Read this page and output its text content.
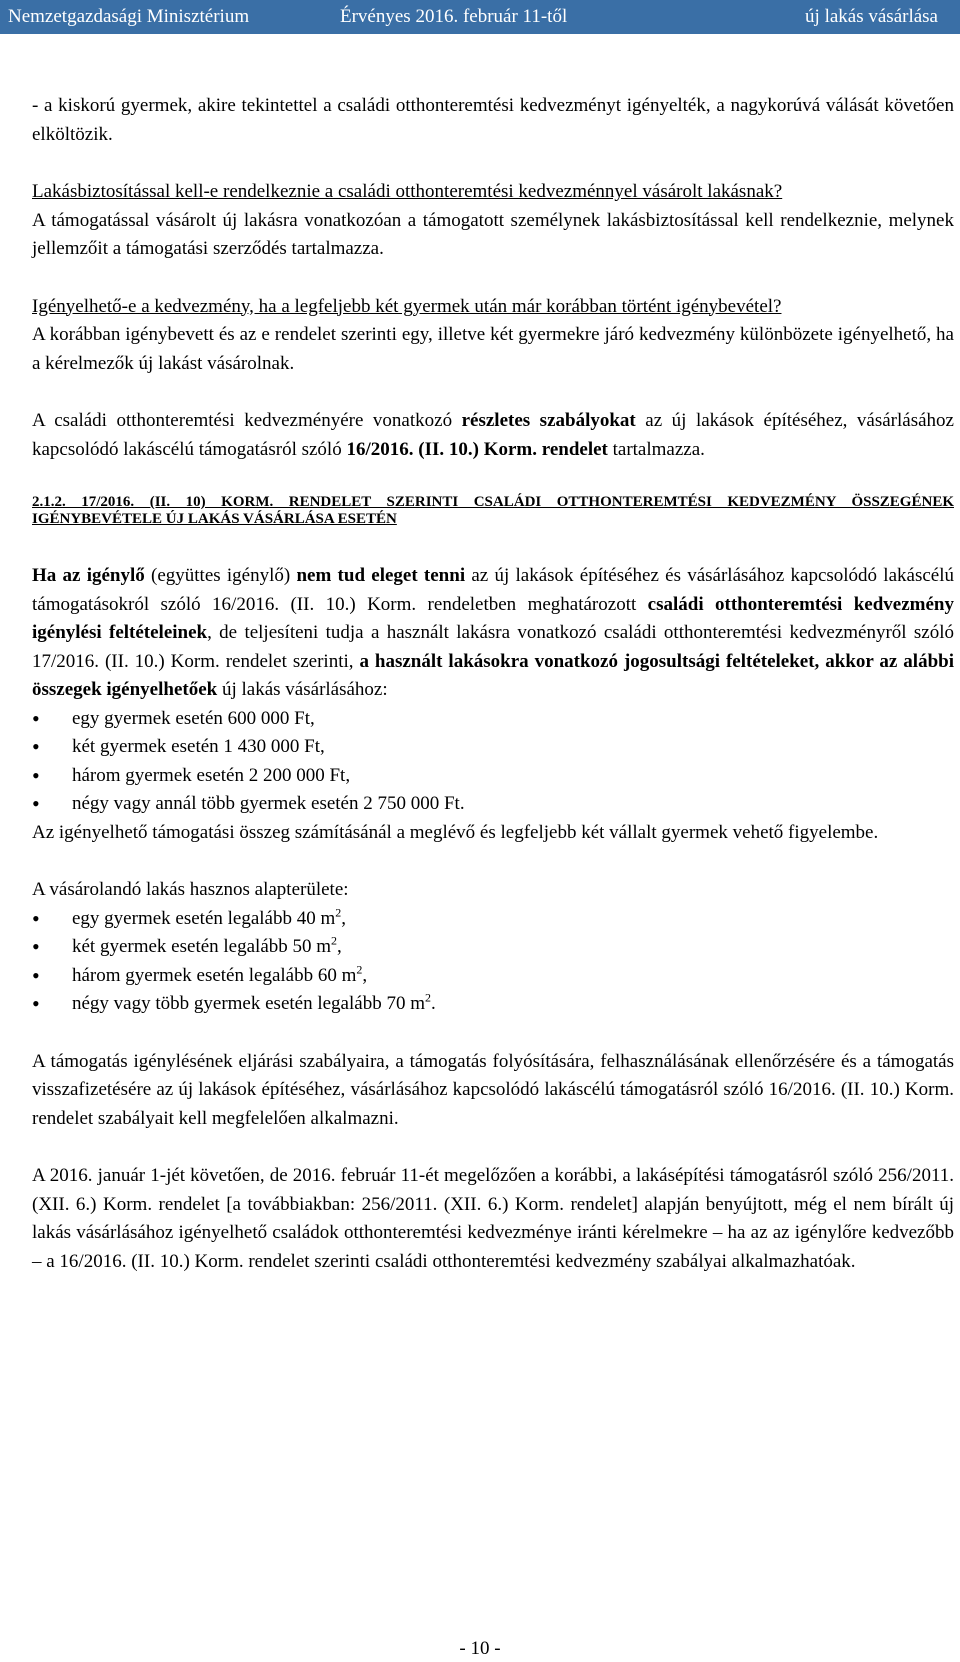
Nemzetgazdasági Minisztérium	Érvényes 2016. február 11-től	új lakás vásárlása

- a kiskorú gyermek, akire tekintettel a családi otthonteremtési kedvezményt igényelték, a nagykorúvá válását követően elköltözik.

Lakásbiztosítással kell-e rendelkeznie a családi otthonteremtési kedvezménnyel vásárolt lakásnak?

A támogatással vásárolt új lakásra vonatkozóan a támogatott személynek lakásbiztosítással kell rendelkeznie, melynek jellemzőit a támogatási szerződés tartalmazza.

Igényelhető-e a kedvezmény, ha a legfeljebb két gyermek után már korábban történt igénybevétel?

A korábban igénybevett és az e rendelet szerinti egy, illetve két gyermekre járó kedvezmény különbözete igényelhető, ha a kérelmezők új lakást vásárolnak.

A családi otthonteremtési kedvezményére vonatkozó részletes szabályokat az új lakások építéséhez, vásárlásához kapcsolódó lakáscélú támogatásról szóló 16/2016. (II. 10.) Korm. rendelet tartalmazza.

2.1.2. 17/2016. (II. 10) KORM. RENDELET SZERINTI CSALÁDI OTTHONTEREMTÉSI KEDVEZMÉNY ÖSSZEGÉNEK IGÉNYBEVÉTELE ÚJ LAKÁS VÁSÁRLÁSA ESETÉN

Ha az igénylő (együttes igénylő) nem tud eleget tenni az új lakások építéséhez és vásárlásához kapcsolódó lakáscélú támogatásokról szóló 16/2016. (II. 10.) Korm. rendeletben meghatározott családi otthonteremtési kedvezmény igénylési feltételeinek, de teljesíteni tudja a használt lakásra vonatkozó családi otthonteremtési kedvezményről szóló 17/2016. (II. 10.) Korm. rendelet szerinti, a használt lakásokra vonatkozó jogosultsági feltételeket, akkor az alábbi összegek igényelhetőek új lakás vásárlásához:

• egy gyermek esetén 600 000 Ft,
• két gyermek esetén 1 430 000 Ft,
• három gyermek esetén 2 200 000 Ft,
• négy vagy annál több gyermek esetén 2 750 000 Ft.

Az igényelhető támogatási összeg számításánál a meglévő és legfeljebb két vállalt gyermek vehető figyelembe.

A vásárolandó lakás hasznos alapterülete:

• egy gyermek esetén legalább 40 $m^2$,
• két gyermek esetén legalább 50 $m^2$,
• három gyermek esetén legalább 60 $m^2$,
• négy vagy több gyermek esetén legalább 70 $m^2$.

A támogatás igénylésének eljárási szabályaira, a támogatás folyósítására, felhasználásának ellenőrzésére és a támogatás visszafizetésére az új lakások építéséhez, vásárlásához kapcsolódó lakáscélú támogatásról szóló 16/2016. (II. 10.) Korm. rendelet szabályait kell megfelelően alkalmazni.

A 2016. január 1-jét követően, de 2016. február 11-ét megelőzően a korábbi, a lakásépítési támogatásról szóló 256/2011. (XII. 6.) Korm. rendelet [a továbbiakban: 256/2011. (XII. 6.) Korm. rendelet] alapján benyújtott, még el nem bírált új lakás vásárlásához igényelhető családok otthonteremtési kedvezménye iránti kérelmekre – ha az az igénylőre kedvezőbb – a 16/2016. (II. 10.) Korm. rendelet szerinti családi otthonteremtési kedvezmény szabályai alkalmazhatóak.

- 10 -
